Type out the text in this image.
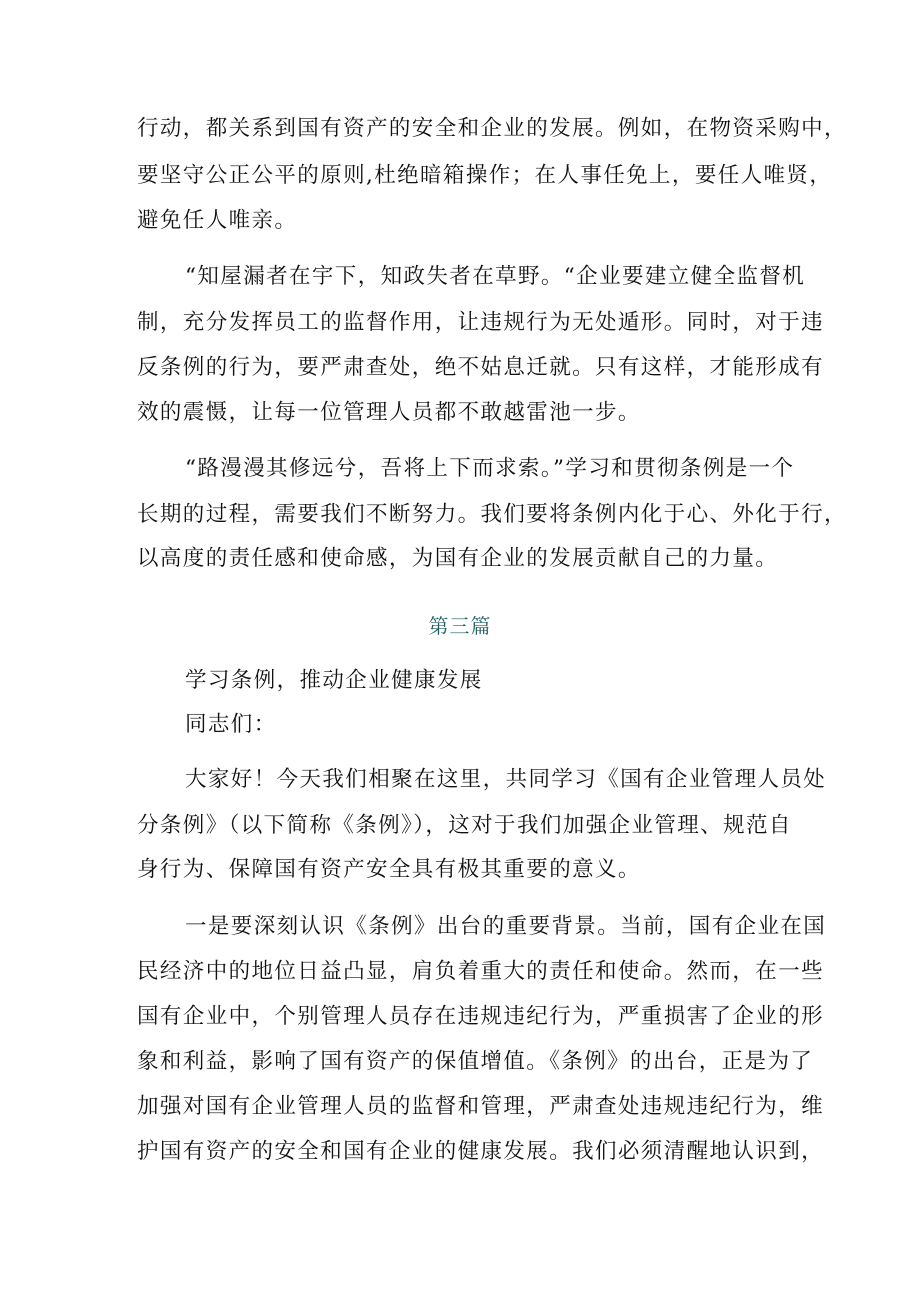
行动，都关系到国有资产的安全和企业的发展。例如，在物资采购中，
要坚守公正公平的原则,杜绝暗箱操作；在人事任免上，要任人唯贤，
避免任人唯亲。
“知屋漏者在宇下，知政失者在草野。“企业要建立健全监督机
制，充分发挥员工的监督作用，让违规行为无处遁形。同时，对于违
反条例的行为，要严肃查处，绝不姑息迁就。只有这样，才能形成有
效的震慑，让每一位管理人员都不敢越雷池一步。
“路漫漫其修远兮，吾将上下而求索。”学习和贯彻条例是一个
长期的过程，需要我们不断努力。我们要将条例内化于心、外化于行，
以高度的责任感和使命感，为国有企业的发展贡献自己的力量。
第三篇
学习条例，推动企业健康发展
同志们：
大家好！今天我们相聚在这里，共同学习《国有企业管理人员处
分条例》（以下简称《条例》），这对于我们加强企业管理、规范自
身行为、保障国有资产安全具有极其重要的意义。
一是要深刻认识《条例》出台的重要背景。当前，国有企业在国
民经济中的地位日益凸显，肩负着重大的责任和使命。然而，在一些
国有企业中，个别管理人员存在违规违纪行为，严重损害了企业的形
象和利益，影响了国有资产的保值增值。《条例》的出台，正是为了
加强对国有企业管理人员的监督和管理，严肃查处违规违纪行为，维
护国有资产的安全和国有企业的健康发展。我们必须清醒地认识到，
